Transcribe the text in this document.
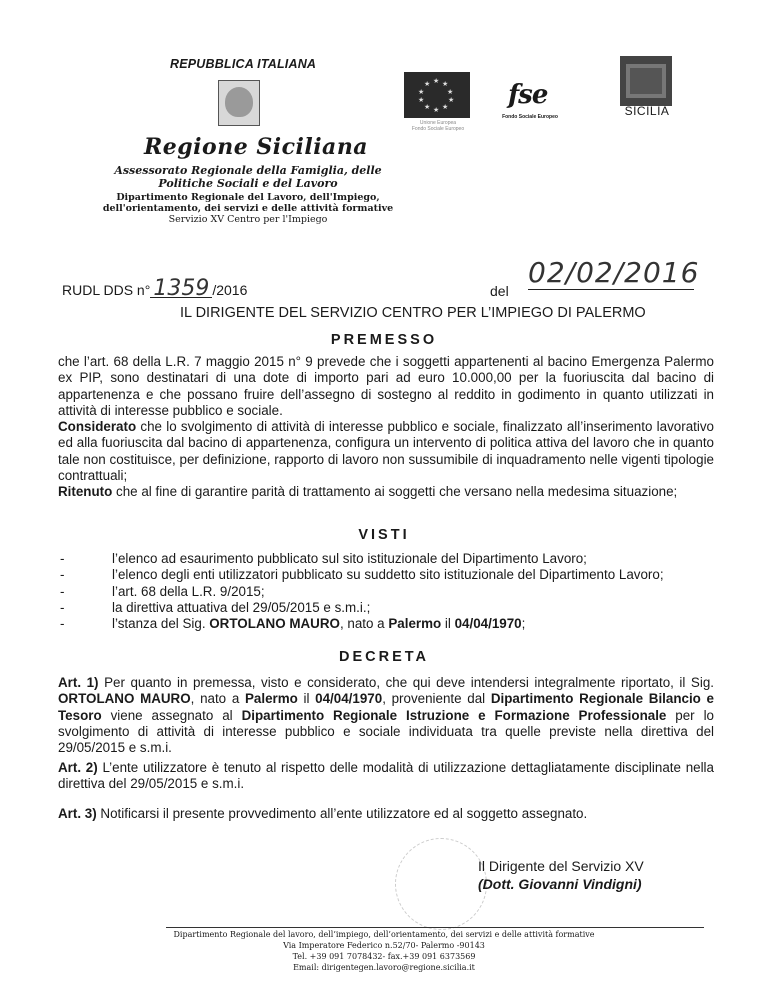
REPUBBLICA ITALIANA
★ ★
★
★
★
★
★
★
★
★
Unione Europea
Fondo Sociale Europeo
fse
Fondo Sociale Europeo	SICILIA
Regione Siciliana
Assessorato Regionale della Famiglia, delle
Politiche Sociali e del Lavoro
Dipartimento Regionale del Lavoro, dell'Impiego,
dell'orientamento, dei servizi e delle attività formative
Servizio XV Centro per l'Impiego
RUDL DDS n° 1359 /2016	del
02/02/2016
IL DIRIGENTE DEL SERVIZIO CENTRO PER L’IMPIEGO DI PALERMO
PREMESSO
che l’art. 68 della L.R. 7 maggio 2015 n° 9 prevede che i soggetti appartenenti al bacino Emergenza Palermo ex PIP, sono destinatari di una dote di importo pari ad euro 10.000,00 per la fuoriuscita dal bacino di appartenenza e che possano fruire dell’assegno di sostegno al reddito in godimento in quanto utilizzati in attività di interesse pubblico e sociale.
Considerato che lo svolgimento di attività di interesse pubblico e sociale, finalizzato all’inserimento lavorativo ed alla fuoriuscita dal bacino di appartenenza, configura un intervento di politica attiva del lavoro che in quanto tale non costituisce, per definizione, rapporto di lavoro non sussumibile di inquadramento nelle vigenti tipologie contrattuali;
Ritenuto che al fine di garantire parità di trattamento ai soggetti che versano nella medesima situazione;
VISTI
-	l’elenco ad esaurimento pubblicato sul sito istituzionale del Dipartimento Lavoro;
-	l’elenco degli enti utilizzatori pubblicato su suddetto sito istituzionale del Dipartimento Lavoro;
-	l’art. 68 della L.R. 9/2015;
-	la direttiva attuativa del 29/05/2015 e s.m.i.;
-	l’stanza del Sig. ORTOLANO MAURO, nato a Palermo il 04/04/1970;
DECRETA
Art. 1) Per quanto in premessa, visto e considerato, che qui deve intendersi integralmente riportato, il Sig. ORTOLANO MAURO, nato a Palermo il 04/04/1970, proveniente dal Dipartimento Regionale Bilancio e Tesoro viene assegnato al Dipartimento Regionale Istruzione e Formazione Professionale per lo svolgimento di attività di interesse pubblico e sociale individuata tra quelle previste nella direttiva del 29/05/2015 e s.m.i.
Art. 2) L’ente utilizzatore è tenuto al rispetto delle modalità di utilizzazione dettagliatamente disciplinate nella direttiva del 29/05/2015 e s.m.i.
Art. 3) Notificarsi il presente provvedimento all’ente utilizzatore ed al soggetto assegnato.
Il Dirigente del Servizio XV
(Dott. Giovanni Vindigni)
Dipartimento Regionale del lavoro, dell’impiego, dell’orientamento, dei servizi e delle attività formative
Via Imperatore Federico n.52/70- Palermo -90143
Tel. +39 091 7078432- fax.+39 091 6373569
Email: dirigentegen.lavoro@regione.sicilia.it
